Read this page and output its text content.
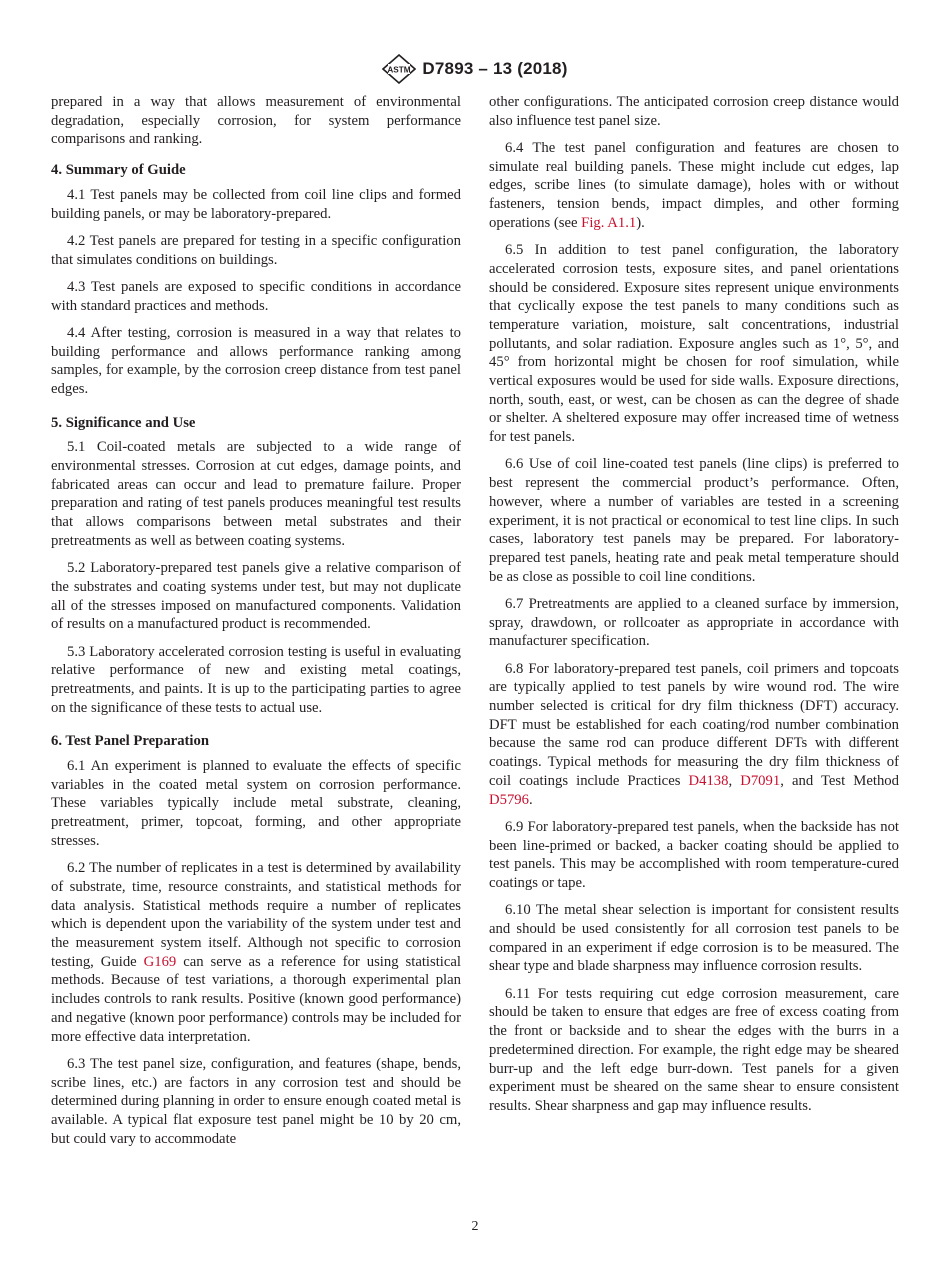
ASTM D7893 – 13 (2018)

prepared in a way that allows measurement of environmental degradation, especially corrosion, for system performance comparisons and ranking.

4. Summary of Guide

4.1 Test panels may be collected from coil line clips and formed building panels, or may be laboratory-prepared.

4.2 Test panels are prepared for testing in a specific configuration that simulates conditions on buildings.

4.3 Test panels are exposed to specific conditions in accordance with standard practices and methods.

4.4 After testing, corrosion is measured in a way that relates to building performance and allows performance ranking among samples, for example, by the corrosion creep distance from test panel edges.

5. Significance and Use

5.1 Coil-coated metals are subjected to a wide range of environmental stresses. Corrosion at cut edges, damage points, and fabricated areas can occur and lead to premature failure. Proper preparation and rating of test panels produces meaningful test results that allows comparisons between metal substrates and their pretreatments as well as between coating systems.

5.2 Laboratory-prepared test panels give a relative comparison of the substrates and coating systems under test, but may not duplicate all of the stresses imposed on manufactured components. Validation of results on a manufactured product is recommended.

5.3 Laboratory accelerated corrosion testing is useful in evaluating relative performance of new and existing metal coatings, pretreatments, and paints. It is up to the participating parties to agree on the significance of these tests to actual use.

6. Test Panel Preparation

6.1 An experiment is planned to evaluate the effects of specific variables in the coated metal system on corrosion performance. These variables typically include metal substrate, cleaning, pretreatment, primer, topcoat, forming, and other appropriate stresses.

6.2 The number of replicates in a test is determined by availability of substrate, time, resource constraints, and statistical methods for data analysis. Statistical methods require a number of replicates which is dependent upon the variability of the system under test and the measurement system itself. Although not specific to corrosion testing, Guide G169 can serve as a reference for using statistical methods. Because of test variations, a thorough experimental plan includes controls to rank results. Positive (known good performance) and negative (known poor performance) controls may be included for more effective data interpretation.

6.3 The test panel size, configuration, and features (shape, bends, scribe lines, etc.) are factors in any corrosion test and should be determined during planning in order to ensure enough coated metal is available. A typical flat exposure test panel might be 10 by 20 cm, but could vary to accommodate

other configurations. The anticipated corrosion creep distance would also influence test panel size.

6.4 The test panel configuration and features are chosen to simulate real building panels. These might include cut edges, lap edges, scribe lines (to simulate damage), holes with or without fasteners, tension bends, impact dimples, and other forming operations (see Fig. A1.1).

6.5 In addition to test panel configuration, the laboratory accelerated corrosion tests, exposure sites, and panel orientations should be considered. Exposure sites represent unique environments that cyclically expose the test panels to many conditions such as temperature variation, moisture, salt concentrations, industrial pollutants, and solar radiation. Exposure angles such as 1°, 5°, and 45° from horizontal might be chosen for roof simulation, while vertical exposures would be used for side walls. Exposure directions, north, south, east, or west, can be chosen as can the degree of shade or shelter. A sheltered exposure may offer increased time of wetness for test panels.

6.6 Use of coil line-coated test panels (line clips) is preferred to best represent the commercial product’s performance. Often, however, where a number of variables are tested in a screening experiment, it is not practical or economical to test line clips. In such cases, laboratory test panels may be prepared. For laboratory-prepared test panels, heating rate and peak metal temperature should be as close as possible to coil line conditions.

6.7 Pretreatments are applied to a cleaned surface by immersion, spray, drawdown, or rollcoater as appropriate in accordance with manufacturer specification.

6.8 For laboratory-prepared test panels, coil primers and topcoats are typically applied to test panels by wire wound rod. The wire number selected is critical for dry film thickness (DFT) accuracy. DFT must be established for each coating/rod number combination because the same rod can produce different DFTs with different coatings. Typical methods for measuring the dry film thickness of coil coatings include Practices D4138, D7091, and Test Method D5796.

6.9 For laboratory-prepared test panels, when the backside has not been line-primed or backed, a backer coating should be applied to test panels. This may be accomplished with room temperature-cured coatings or tape.

6.10 The metal shear selection is important for consistent results and should be used consistently for all corrosion test panels to be compared in an experiment if edge corrosion is to be measured. The shear type and blade sharpness may influence corrosion results.

6.11 For tests requiring cut edge corrosion measurement, care should be taken to ensure that edges are free of excess coating from the front or backside and to shear the edges with the burrs in a predetermined direction. For example, the right edge may be sheared burr-up and the left edge burr-down. Test panels for a given experiment must be sheared on the same shear to ensure consistent results. Shear sharpness and gap may influence results.

2
